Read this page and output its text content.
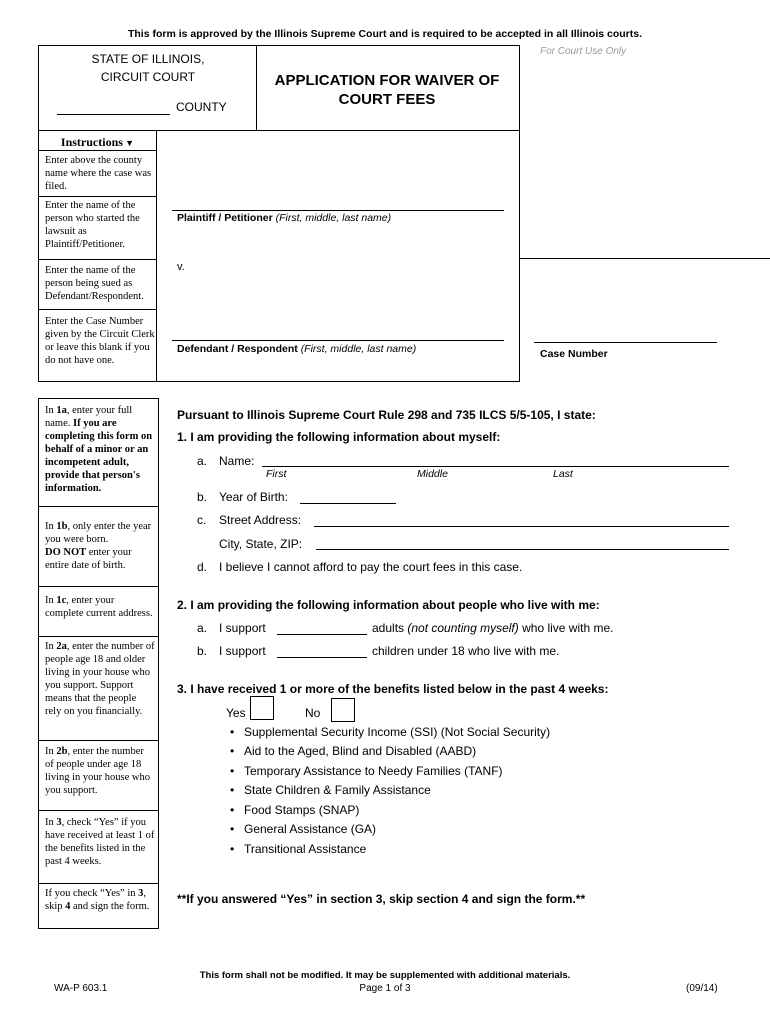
This form is approved by the Illinois Supreme Court and is required to be accepted in all Illinois courts.
STATE OF ILLINOIS,
CIRCUIT COURT
COUNTY
APPLICATION FOR WAIVER OF
COURT FEES
For Court Use Only
Instructions ▼
Enter above the county name where the case was filed.
Enter the name of the person who started the lawsuit as Plaintiff/Petitioner.
Enter the name of the person being sued as Defendant/Respondent.
Enter the Case Number given by the Circuit Clerk or leave this blank if you do not have one.
Plaintiff / Petitioner (First, middle, last name)
v.
Defendant / Respondent (First, middle, last name)	Case Number
In 1a, enter your full name. If you are completing this form on behalf of a minor or an incompetent adult, provide that person's information.
In 1b, only enter the year you were born.
DO NOT enter your entire date of birth.
In 1c, enter your complete current address.
In 2a, enter the number of people age 18 and older living in your house who you support. Support means that the people rely on you financially.
In 2b, enter the number of people under age 18 living in your house who you support.
In 3, check “Yes” if you have received at least 1 of the benefits listed in the past 4 weeks.
If you check “Yes” in 3, skip 4 and sign the form.
Pursuant to Illinois Supreme Court Rule 298 and 735 ILCS 5/5-105, I state:
1. I am providing the following information about myself:
a. Name:
First	Middle	Last
b. Year of Birth:
c. Street Address:
City, State, ZIP:
d. I believe I cannot afford to pay the court fees in this case.
2. I am providing the following information about people who live with me:
a. I support	adults (not counting myself) who live with me.
b. I support	children under 18 who live with me.
3. I have received 1 or more of the benefits listed below in the past 4 weeks:
Yes	No
• Supplemental Security Income (SSI) (Not Social Security)
• Aid to the Aged, Blind and Disabled (AABD)
• Temporary Assistance to Needy Families (TANF)
• State Children & Family Assistance
• Food Stamps (SNAP)
• General Assistance (GA)
• Transitional Assistance
**If you answered “Yes” in section 3, skip section 4 and sign the form.**
This form shall not be modified. It may be supplemented with additional materials.
WA-P 603.1	Page 1 of 3	(09/14)
